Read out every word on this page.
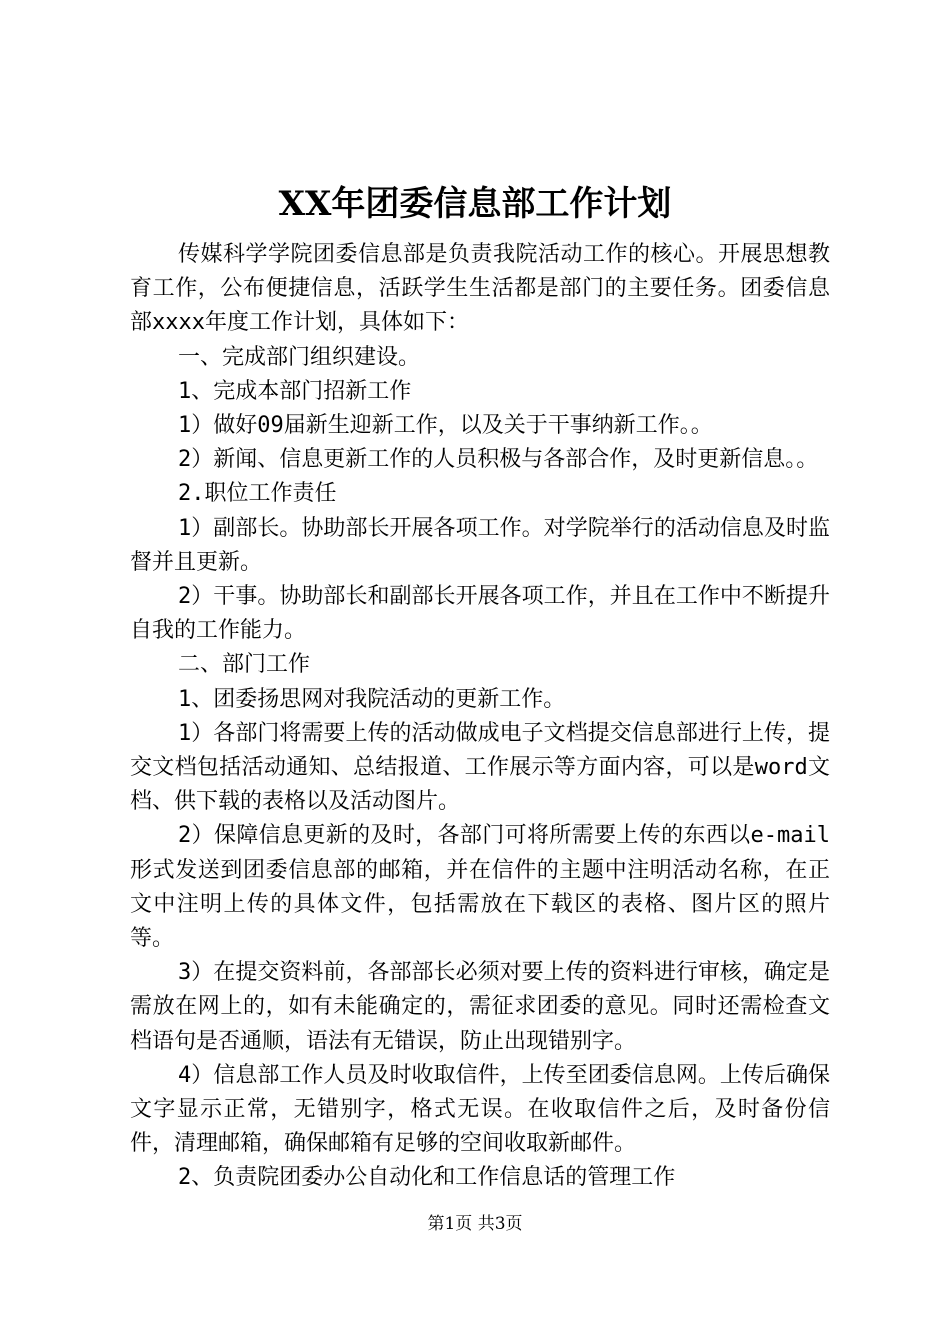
XX年团委信息部工作计划

传媒科学学院团委信息部是负责我院活动工作的核心。开展思想教育工作，公布便捷信息，活跃学生生活都是部门的主要任务。团委信息部xxxx年度工作计划，具体如下：

一、完成部门组织建设。

1、完成本部门招新工作

1）做好09届新生迎新工作，以及关于干事纳新工作。。

2）新闻、信息更新工作的人员积极与各部合作，及时更新信息。。

2.职位工作责任

1）副部长。协助部长开展各项工作。对学院举行的活动信息及时监督并且更新。

2）干事。协助部长和副部长开展各项工作，并且在工作中不断提升自我的工作能力。

二、部门工作

1、团委扬思网对我院活动的更新工作。

1）各部门将需要上传的活动做成电子文档提交信息部进行上传，提交文档包括活动通知、总结报道、工作展示等方面内容，可以是word文档、供下载的表格以及活动图片。

2）保障信息更新的及时，各部门可将所需要上传的东西以e-mail形式发送到团委信息部的邮箱，并在信件的主题中注明活动名称，在正文中注明上传的具体文件，包括需放在下载区的表格、图片区的照片等。

3）在提交资料前，各部部长必须对要上传的资料进行审核，确定是需放在网上的，如有未能确定的，需征求团委的意见。同时还需检查文档语句是否通顺，语法有无错误，防止出现错别字。

4）信息部工作人员及时收取信件，上传至团委信息网。上传后确保文字显示正常，无错别字，格式无误。在收取信件之后，及时备份信件，清理邮箱，确保邮箱有足够的空间收取新邮件。

2、负责院团委办公自动化和工作信息话的管理工作

第1页 共3页
